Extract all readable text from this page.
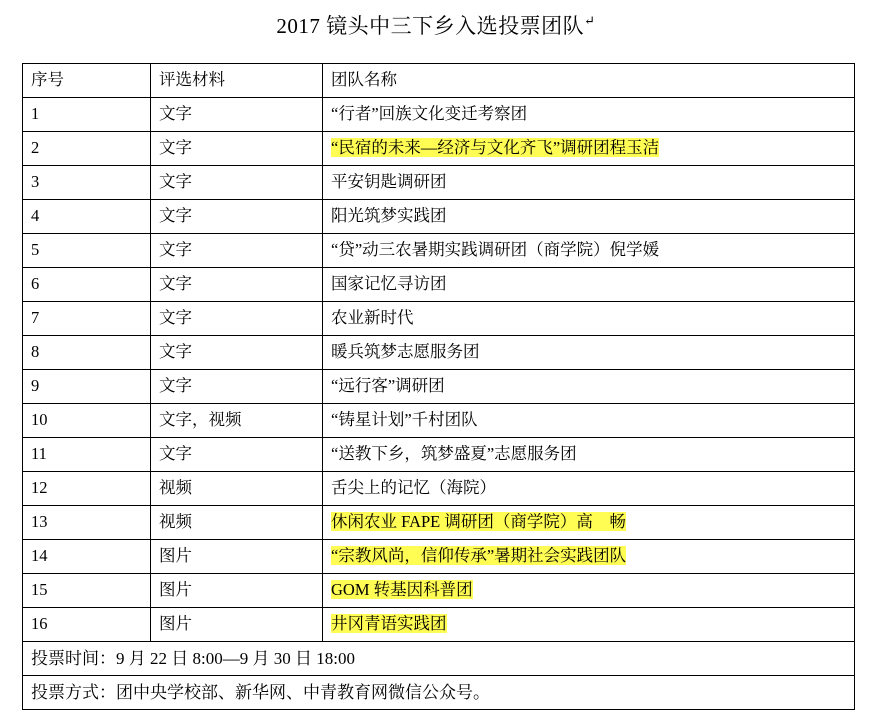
2017 镜头中三下乡入选投票团队↵
序号	评选材料	团队名称
1	文字	“行者”回族文化变迁考察团
2	文字	“民宿的未来—经济与文化齐飞”调研团程玉洁
3	文字	平安钥匙调研团
4	文字	阳光筑梦实践团
5	文字	“贷”动三农暑期实践调研团（商学院）倪学媛
6	文字	国家记忆寻访团
7	文字	农业新时代
8	文字	暖兵筑梦志愿服务团
9	文字	“远行客”调研团
10	文字，视频	“铸星计划”千村团队
11	文字	“送教下乡，筑梦盛夏”志愿服务团
12	视频	舌尖上的记忆（海院）
13	视频	休闲农业 FAPE 调研团（商学院）高　畅
14	图片	“宗教风尚，信仰传承”暑期社会实践团队
15	图片	GOM 转基因科普团
16	图片	井冈青语实践团
投票时间：9 月 22 日 8:00—9 月 30 日 18:00		
投票方式：团中央学校部、新华网、中青教育网微信公众号。		
